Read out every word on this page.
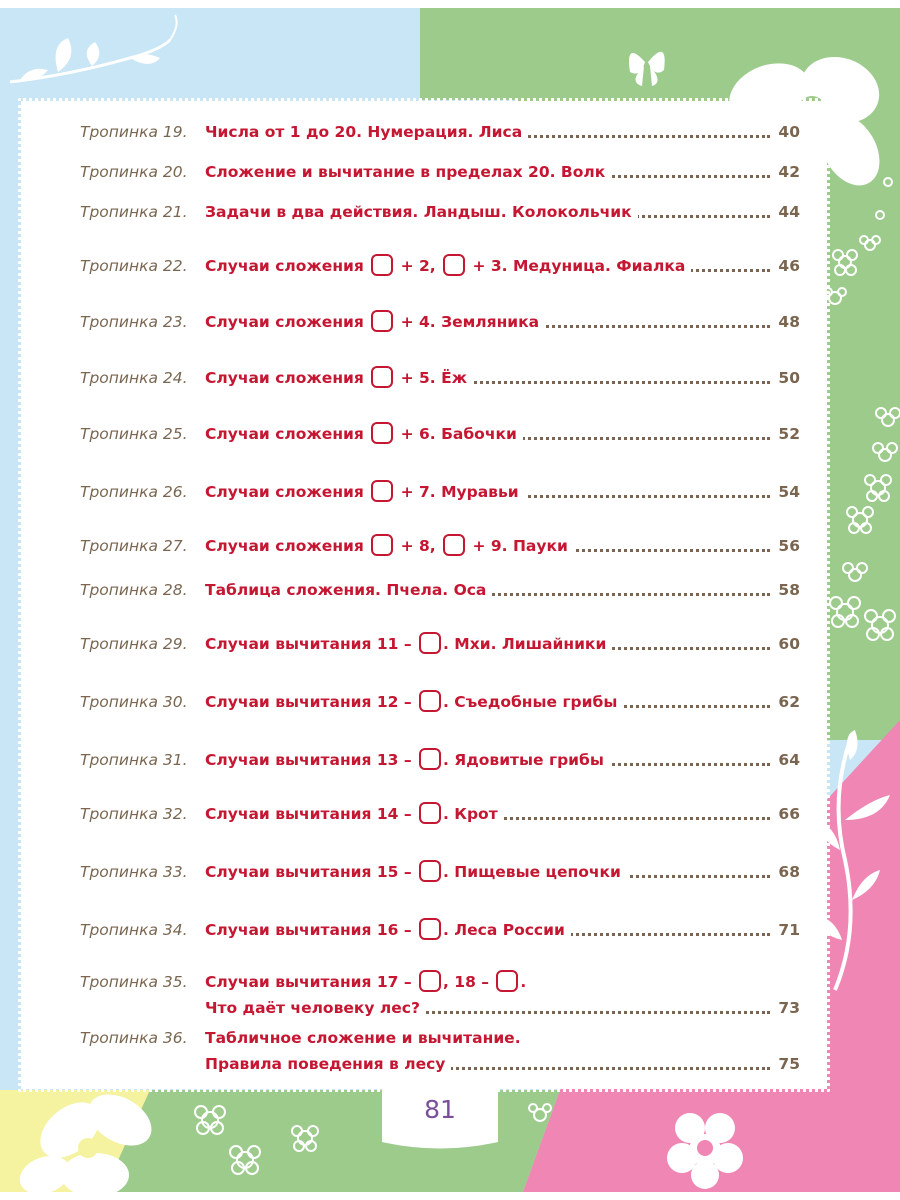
Тропинка 19. Числа от 1 до 20. Нумерация. Лиса	40
Тропинка 20. Сложение и вычитание в пределах 20. Волк	42
Тропинка 21. Задачи в два действия. Ландыш. Колокольчик	44
Тропинка 22. Случаи сложения  + 2,  + 3. Медуница. Фиалка	46
Тропинка 23. Случаи сложения  + 4. Земляника	48
Тропинка 24. Случаи сложения  + 5. Ёж	50
Тропинка 25. Случаи сложения  + 6. Бабочки	52
Тропинка 26. Случаи сложения  + 7. Муравьи	54
Тропинка 27. Случаи сложения  + 8,  + 9. Пауки	56
Тропинка 28. Таблица сложения. Пчела. Оса	58
Тропинка 29. Случаи вычитания 11 – . Мхи. Лишайники	60
Тропинка 30. Случаи вычитания 12 – . Съедобные грибы	62
Тропинка 31. Случаи вычитания 13 – . Ядовитые грибы	64
Тропинка 32. Случаи вычитания 14 – . Крот	66
Тропинка 33. Случаи вычитания 15 – . Пищевые цепочки	68
Тропинка 34. Случаи вычитания 16 – . Леса России	71
Тропинка 35. Случаи вычитания 17 – , 18 – .
Что даёт человеку лес?	73
Тропинка 36. Табличное сложение и вычитание.
Правила поведения в лесу	75
81
